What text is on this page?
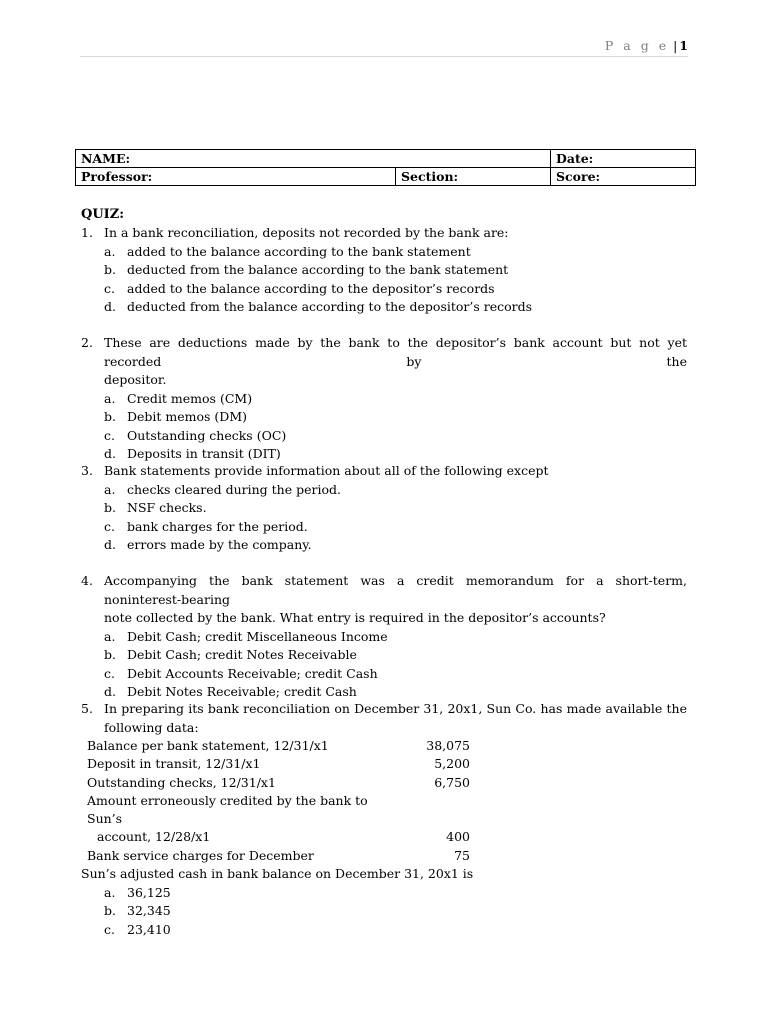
P a g e | 1
NAME:		Date:
Professor:	Section:	Score:
QUIZ:
1. In a bank reconciliation, deposits not recorded by the bank are:
a. added to the balance according to the bank statement
b. deducted from the balance according to the bank statement
c. added to the balance according to the depositor’s records
d. deducted from the balance according to the depositor’s records
2. These are deductions made by the bank to the depositor’s bank account but not yet recorded by the
depositor.
a. Credit memos (CM)
b. Debit memos (DM)
c. Outstanding checks (OC)
d. Deposits in transit (DIT)
3. Bank statements provide information about all of the following except
a. checks cleared during the period.
b. NSF checks.
c. bank charges for the period.
d. errors made by the company.
4. Accompanying the bank statement was a credit memorandum for a short-term, noninterest-bearing
note collected by the bank. What entry is required in the depositor’s accounts?
a. Debit Cash; credit Miscellaneous Income
b. Debit Cash; credit Notes Receivable
c. Debit Accounts Receivable; credit Cash
d. Debit Notes Receivable; credit Cash
5. In preparing its bank reconciliation on December 31, 20x1, Sun Co. has made available the
following data:
Balance per bank statement, 12/31/x1	38,075
Deposit in transit, 12/31/x1	5,200
Outstanding checks, 12/31/x1	6,750
Amount erroneously credited by the bank to Sun’s
account, 12/28/x1	400
Bank service charges for December	75
Sun’s adjusted cash in bank balance on December 31, 20x1 is
a. 36,125
b. 32,345
c. 23,410
